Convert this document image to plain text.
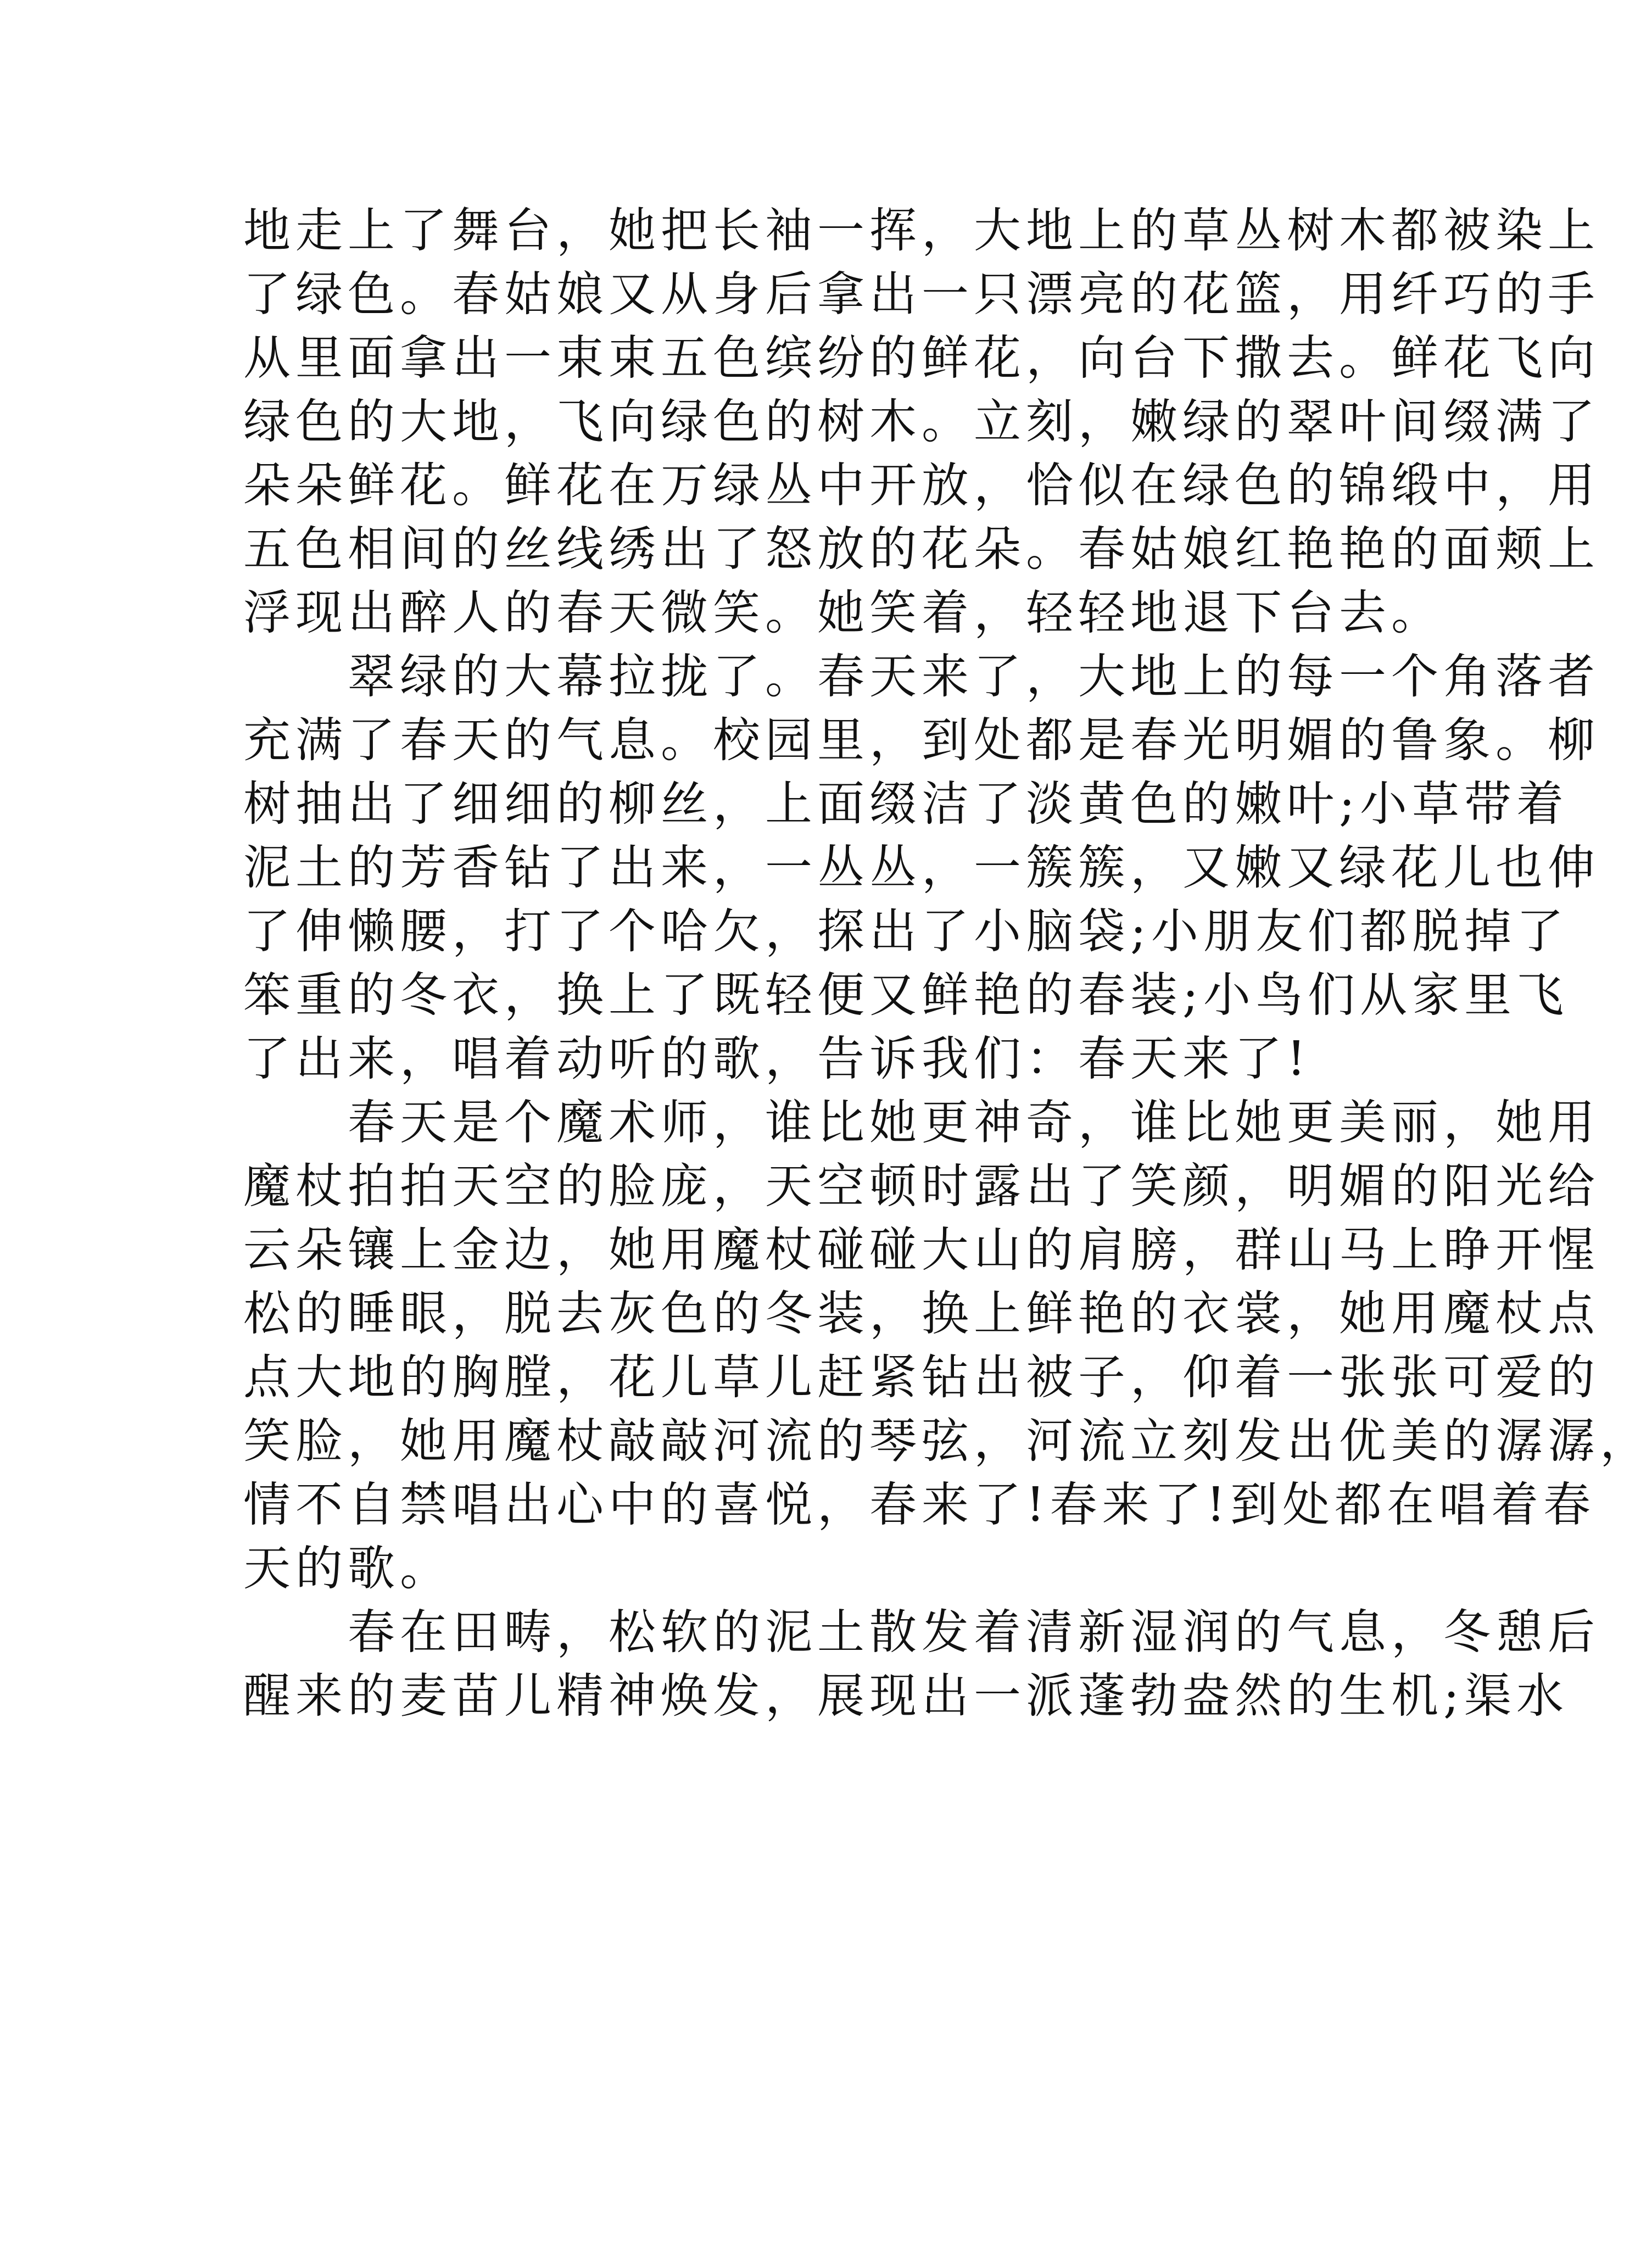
地走上了舞台，她把长袖一挥，大地上的草丛树木都被染上
了绿色。春姑娘又从身后拿出一只漂亮的花篮，用纤巧的手
从里面拿出一束束五色缤纷的鲜花，向台下撒去。鲜花飞向
绿色的大地，飞向绿色的树木。立刻，嫩绿的翠叶间缀满了
朵朵鲜花。鲜花在万绿丛中开放，恰似在绿色的锦缎中，用
五色相间的丝线绣出了怒放的花朵。春姑娘红艳艳的面颊上
浮现出醉人的春天微笑。她笑着，轻轻地退下台去。
　　翠绿的大幕拉拢了。春天来了，大地上的每一个角落者
充满了春天的气息。校园里，到处都是春光明媚的鲁象。柳
树抽出了细细的柳丝，上面缀洁了淡黄色的嫩叶;小草带着
泥土的芳香钻了出来，一丛丛，一簇簇，又嫩又绿花儿也伸
了伸懒腰，打了个哈欠，探出了小脑袋;小朋友们都脱掉了
笨重的冬衣，换上了既轻便又鲜艳的春装;小鸟们从家里飞
了出来，唱着动听的歌，告诉我们：春天来了!
　　春天是个魔术师，谁比她更神奇，谁比她更美丽，她用
魔杖拍拍天空的脸庞，天空顿时露出了笑颜，明媚的阳光给
云朵镶上金边，她用魔杖碰碰大山的肩膀，群山马上睁开惺
松的睡眼，脱去灰色的冬装，换上鲜艳的衣裳，她用魔杖点
点大地的胸膛，花儿草儿赶紧钻出被子，仰着一张张可爱的
笑脸，她用魔杖敲敲河流的琴弦，河流立刻发出优美的潺潺，
情不自禁唱出心中的喜悦，春来了!春来了!到处都在唱着春
天的歌。
　　春在田畴，松软的泥土散发着清新湿润的气息，冬憩后
醒来的麦苗儿精神焕发，展现出一派蓬勃盎然的生机;渠水
